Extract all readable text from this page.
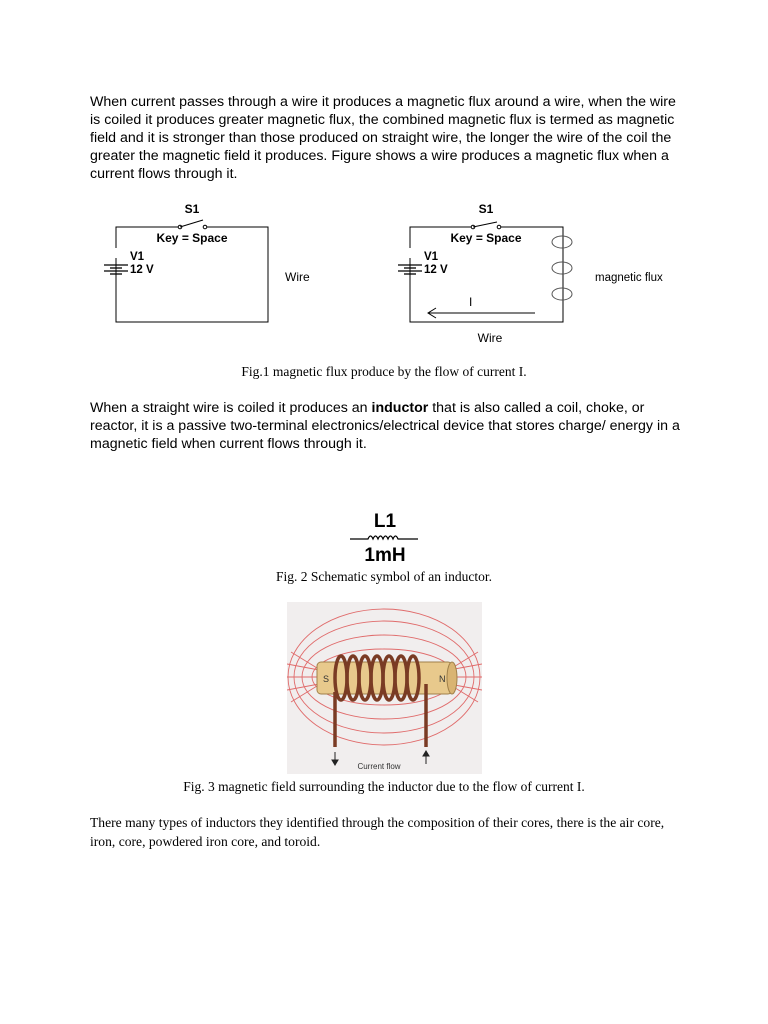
When current passes through a wire it produces a magnetic flux around a wire, when the wire is coiled it produces greater magnetic flux, the combined magnetic flux is termed as magnetic field and it is stronger than those produced on straight wire, the longer the wire of the coil the greater the magnetic field it produces. Figure shows a wire produces a magnetic flux when a current flows through it.

S1
Key = Space
V1
12 V	Wire
S1
Key = Space
V1
12 V
I
magnetic flux
Wire
Fig.1 magnetic flux produce by the flow of current I.

When a straight wire is coiled it produces an inductor that is also called a coil, choke, or reactor, it is a passive two-terminal electronics/electrical device that stores charge/ energy in a magnetic field when current flows through it.

L1
1mH
Fig. 2 Schematic symbol of an inductor.
S	N
Current flow
Fig. 3 magnetic field surrounding the inductor due to the flow of current I.

There many types of inductors they identified through the composition of their cores, there is the air core, iron, core, powdered iron core, and toroid.
